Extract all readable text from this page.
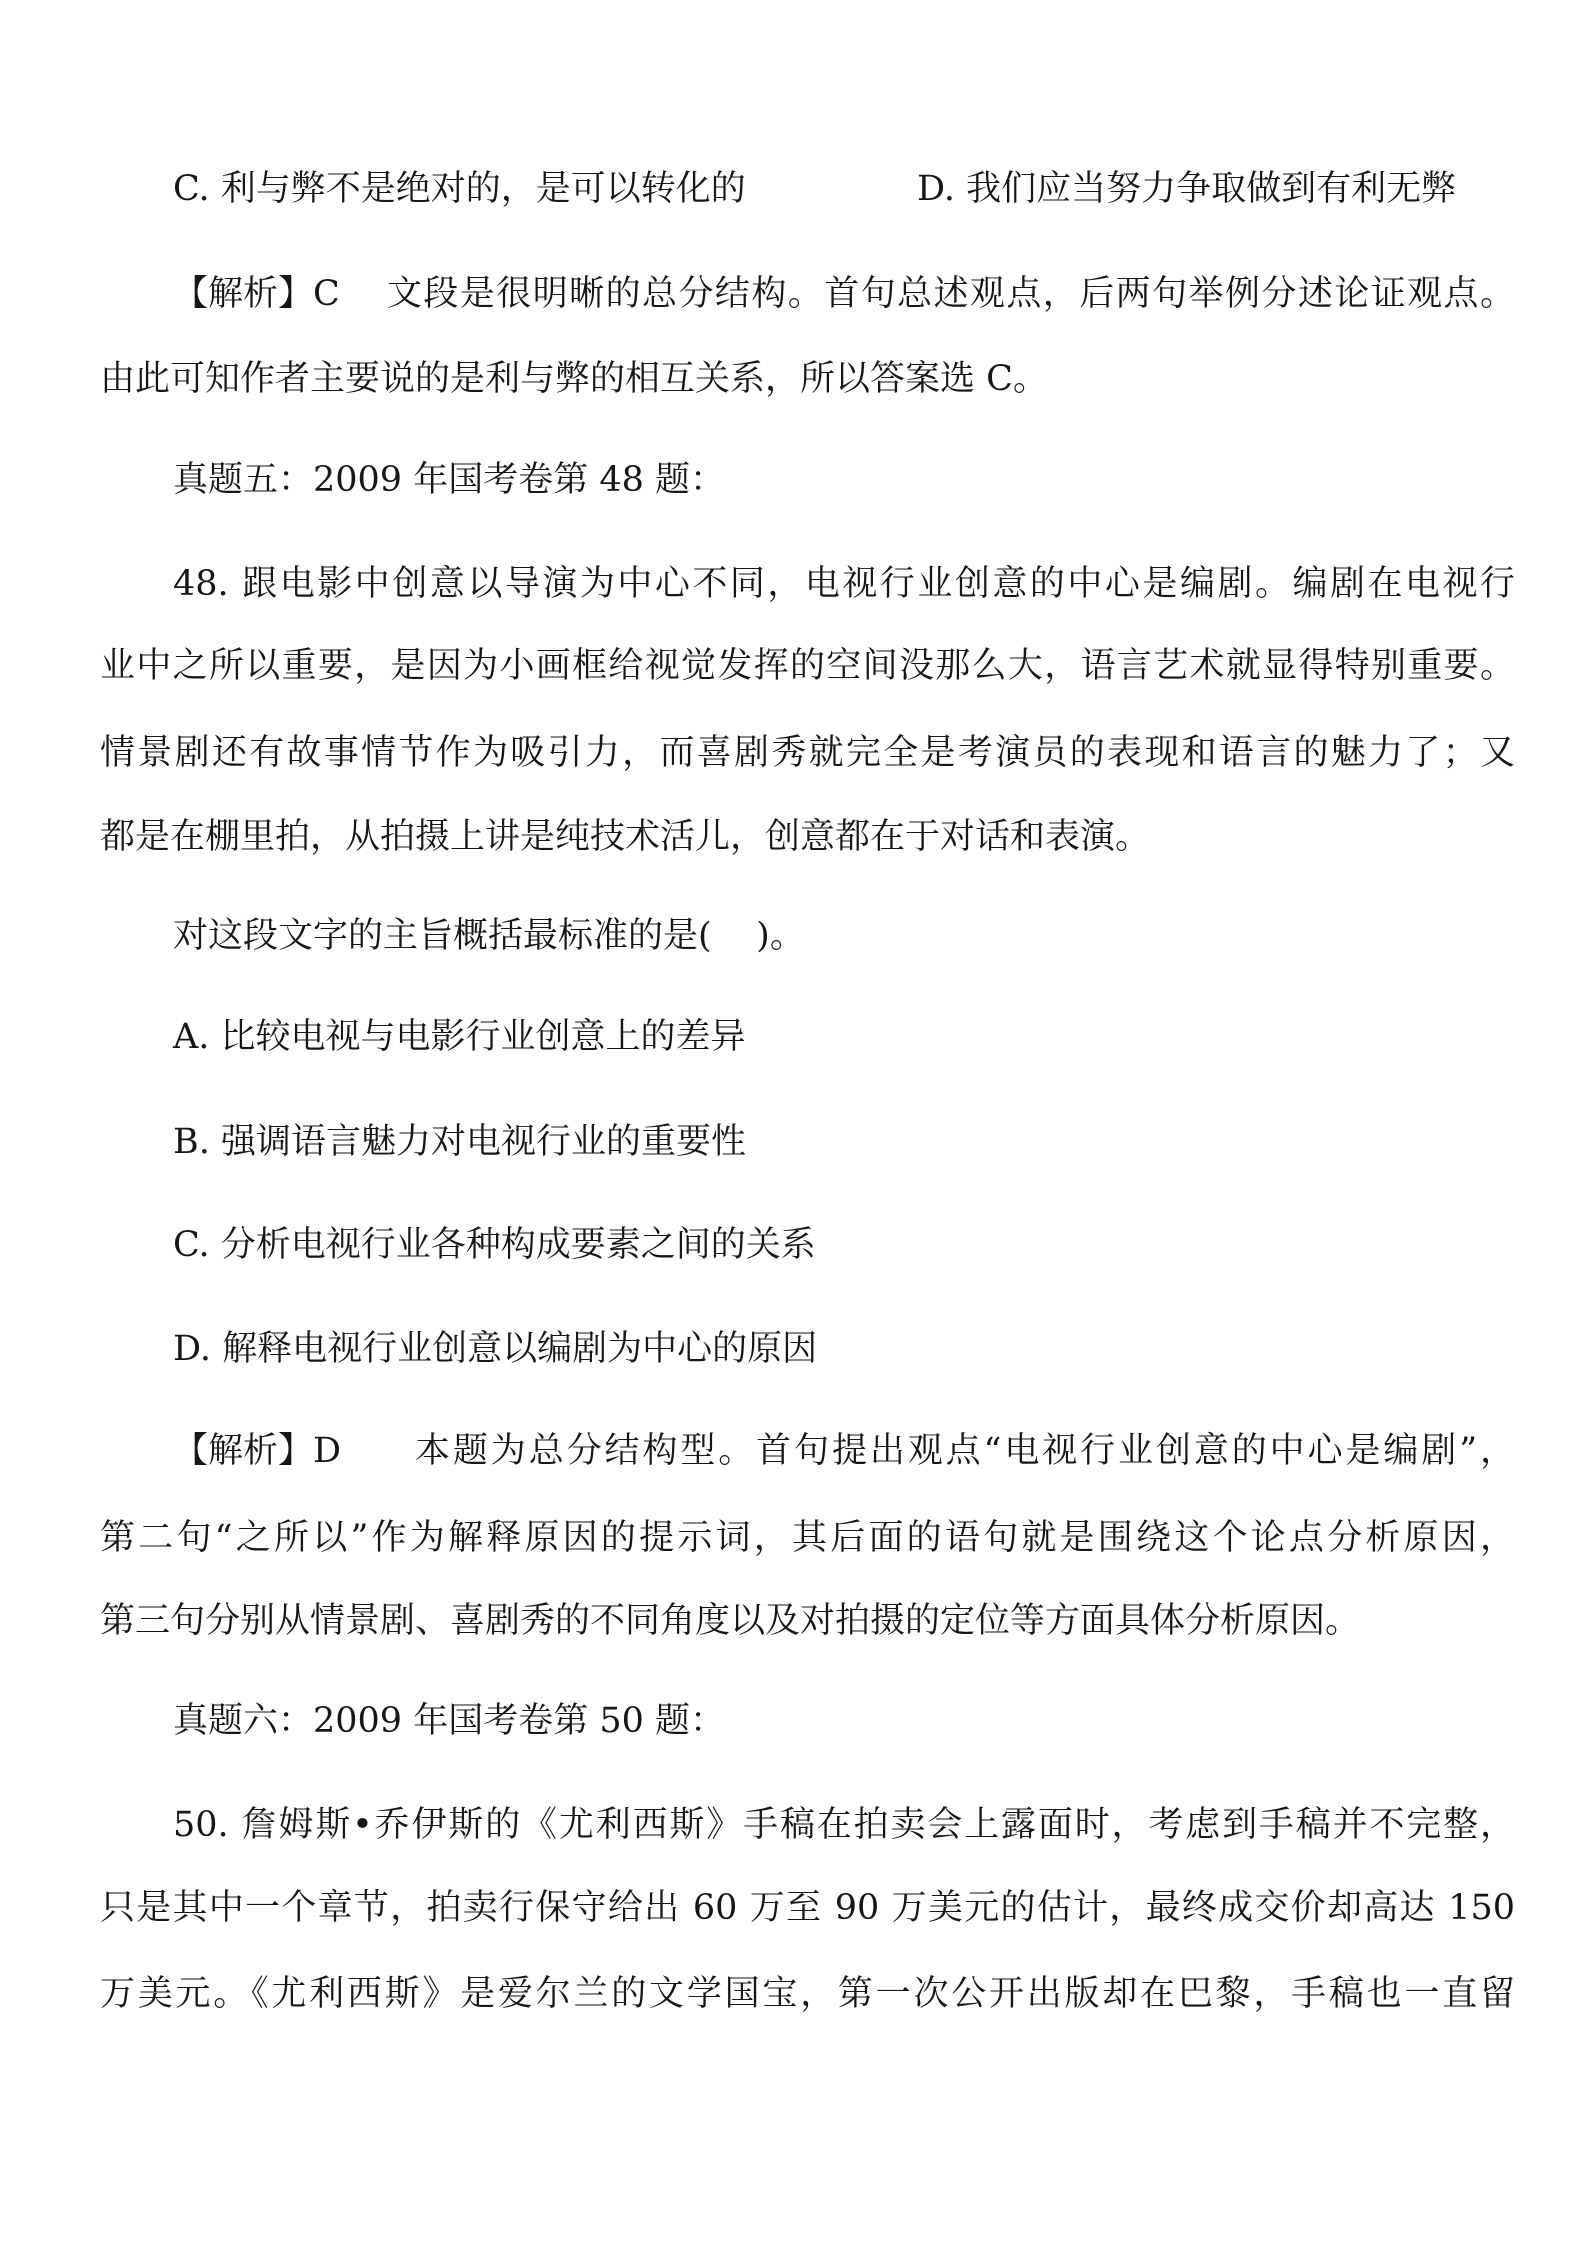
C. 利与弊不是绝对的，是可以转化的	D. 我们应当努力争取做到有利无弊
【解析】C 文段是很明晰的总分结构。首句总述观点，后两句举例分述论证观点。
由此可知作者主要说的是利与弊的相互关系，所以答案选 C。
真题五：2009 年国考卷第 48 题：
48. 跟电影中创意以导演为中心不同，电视行业创意的中心是编剧。编剧在电视行
业中之所以重要，是因为小画框给视觉发挥的空间没那么大，语言艺术就显得特别重要。
情景剧还有故事情节作为吸引力，而喜剧秀就完全是考演员的表现和语言的魅力了；又
都是在棚里拍，从拍摄上讲是纯技术活儿，创意都在于对话和表演。
对这段文字的主旨概括最标准的是(    )。
A. 比较电视与电影行业创意上的差异
B. 强调语言魅力对电视行业的重要性
C. 分析电视行业各种构成要素之间的关系
D. 解释电视行业创意以编剧为中心的原因
【解析】D 本题为总分结构型。首句提出观点“电视行业创意的中心是编剧”，
第二句“之所以”作为解释原因的提示词，其后面的语句就是围绕这个论点分析原因，
第三句分别从情景剧、喜剧秀的不同角度以及对拍摄的定位等方面具体分析原因。
真题六：2009 年国考卷第 50 题：
50. 詹姆斯•乔伊斯的《尤利西斯》手稿在拍卖会上露面时，考虑到手稿并不完整，
只是其中一个章节，拍卖行保守给出 60 万至 90 万美元的估计，最终成交价却高达 150
万美元。《尤利西斯》是爱尔兰的文学国宝，第一次公开出版却在巴黎，手稿也一直留
